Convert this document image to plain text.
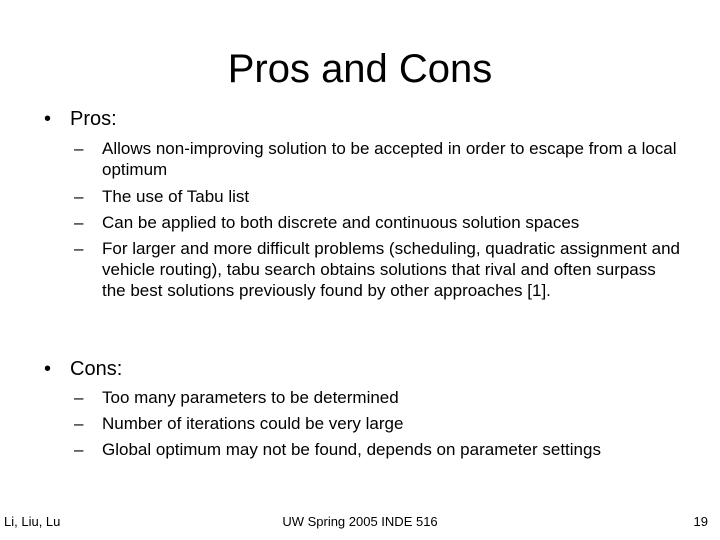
Pros and Cons
• Pros:
– Allows non-improving solution to be accepted in order to escape from a local optimum
– The use of Tabu list
– Can be applied to both discrete and continuous solution spaces
– For larger and more difficult problems (scheduling, quadratic assignment and vehicle routing), tabu search obtains solutions that rival and often surpass the best solutions previously found by other approaches [1].
• Cons:
– Too many parameters to be determined
– Number of iterations could be very large
– Global optimum may not be found, depends on parameter settings
Li, Liu, Lu	UW Spring 2005 INDE 516	19
